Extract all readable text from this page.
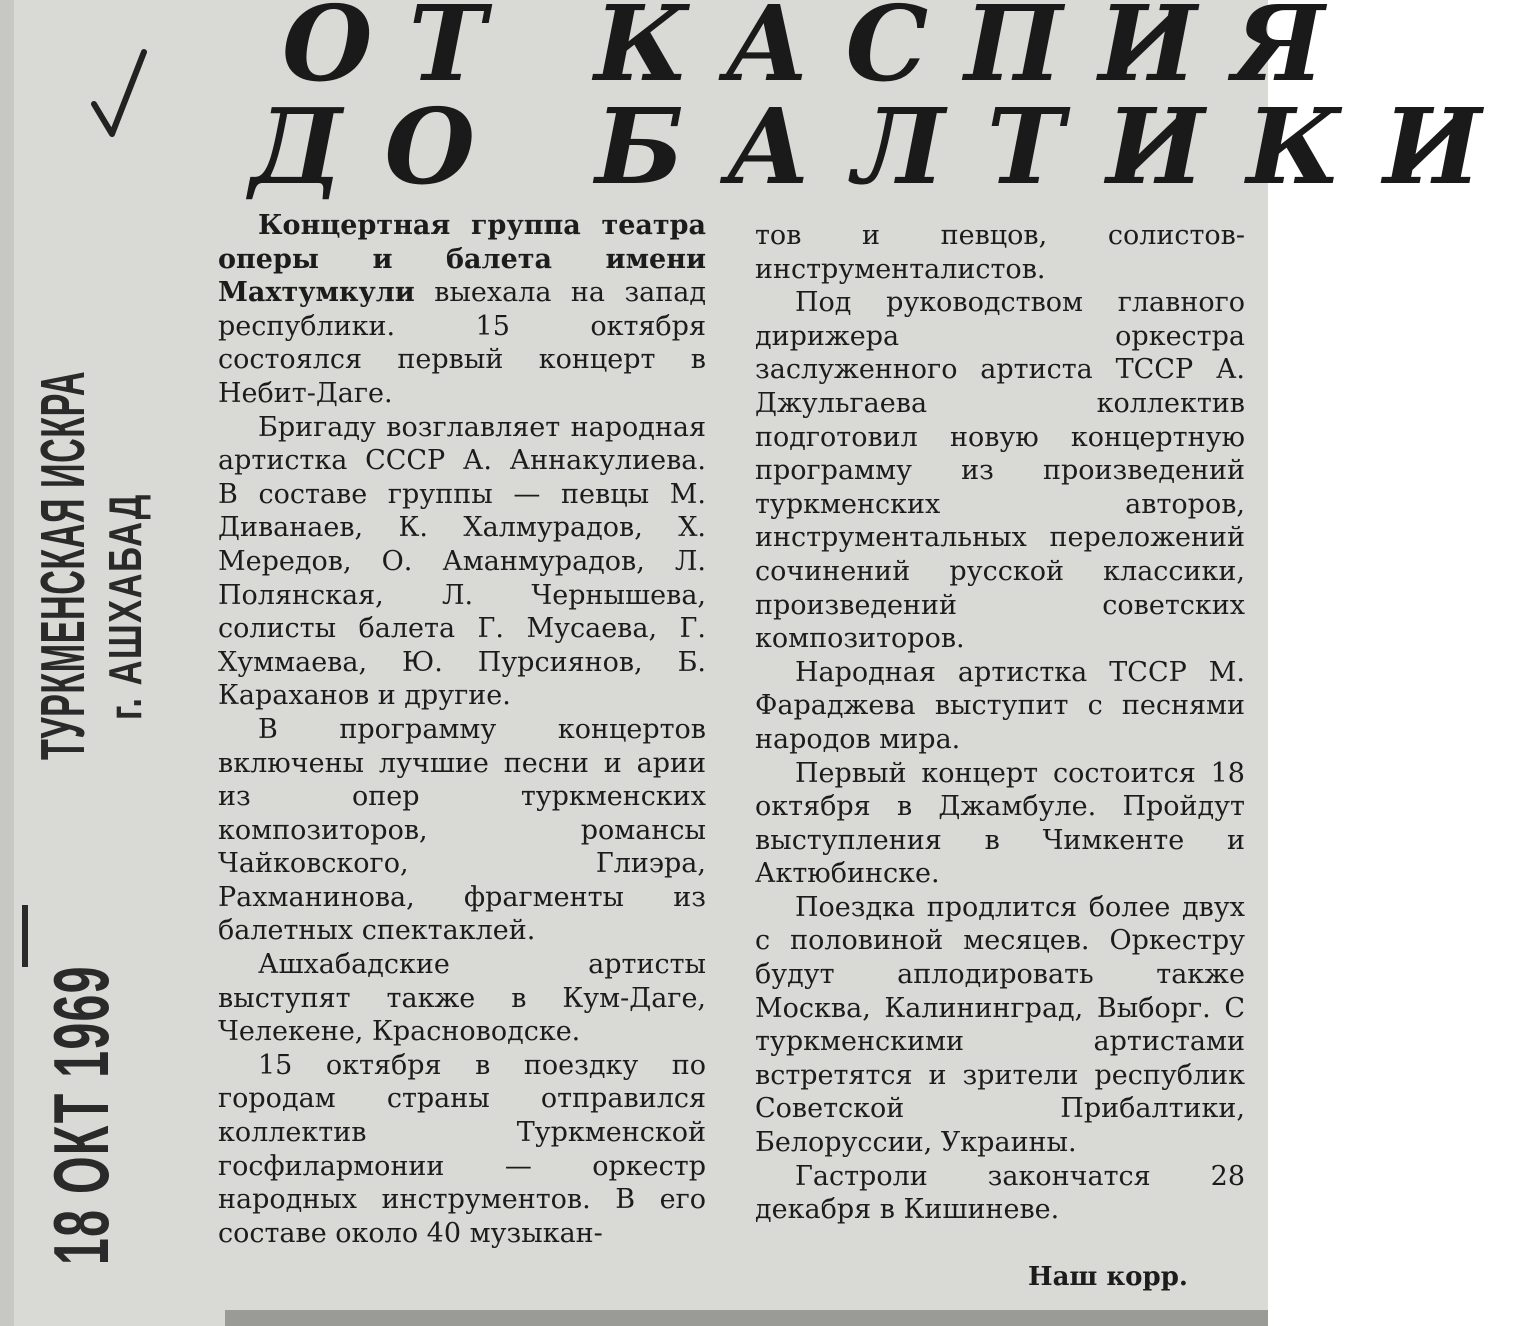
ОТ КАСПИЯ
ДО БАЛТИКИ
ТУРКМЕНСКАЯ ИСКРА г. АШХАБАД
18 ОКТ 1969

Концертная группа театра оперы и балета имени Махтумкули выехала на запад республики. 15 октября состоялся первый концерт в Небит-Даге.

Бригаду возглавляет народная артистка СССР А. Аннакулиева. В составе группы — певцы М. Диванаев, К. Халмурадов, Х. Мередов, О. Аманмурадов, Л. Полянская, Л. Чернышева, солисты балета Г. Мусаева, Г. Хуммаева, Ю. Пурсиянов, Б. Караханов и другие.

В программу концертов включены лучшие песни и арии из опер туркменских композиторов, романсы Чайковского, Глиэра, Рахманинова, фрагменты из балетных спектаклей.

Ашхабадские артисты выступят также в Кум-Даге, Челекене, Красноводске.

15 октября в поездку по городам страны отправился коллектив Туркменской госфилармонии — оркестр народных инструментов. В его составе около 40 музыкан-

тов и певцов, солистов-инструменталистов.

Под руководством главного дирижера оркестра заслуженного артиста ТССР А. Джульгаева коллектив подготовил новую концертную программу из произведений туркменских авторов, инструментальных переложений сочинений русской классики, произведений советских композиторов.

Народная артистка ТССР М. Фараджева выступит с песнями народов мира.

Первый концерт состоится 18 октября в Джамбуле. Пройдут выступления в Чимкенте и Актюбинске.

Поездка продлится более двух с половиной месяцев. Оркестру будут аплодировать также Москва, Калининград, Выборг. С туркменскими артистами встретятся и зрители республик Советской Прибалтики, Белоруссии, Украины.

Гастроли закончатся 28 декабря в Кишиневе.

Наш корр.
